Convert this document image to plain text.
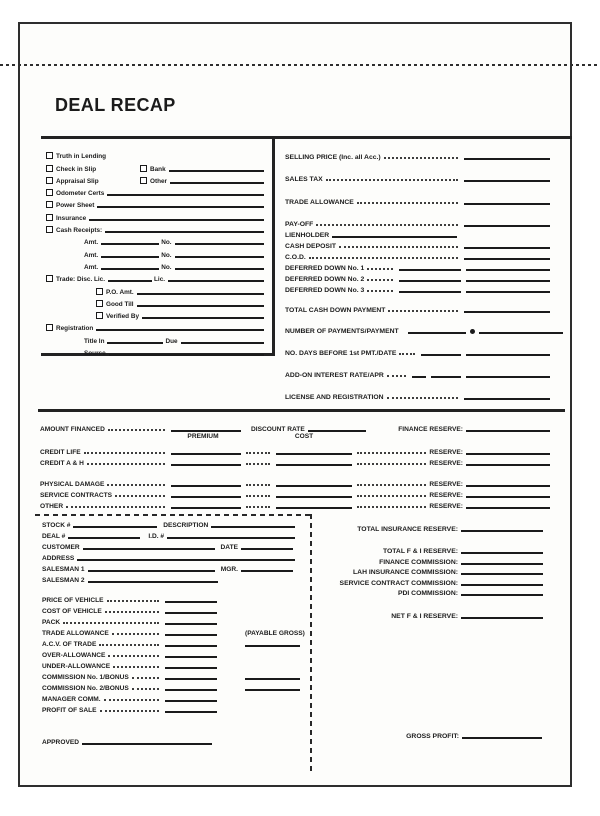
DEAL RECAP
Truth in Lending
Check in Slip	Bank
Appraisal Slip	Other
Odometer Certs
Power Sheet
Insurance
Cash Receipts:
Amt.	No.
Amt.	No.
Amt.	No.
Trade: Disc. Lic.	Lic.
P.O. Amt.
Good Till
Verified By
Registration
Title In	Due
Source
SELLING PRICE (Inc. all Acc.)
SALES TAX
TRADE ALLOWANCE
PAY-OFF
LIENHOLDER
CASH DEPOSIT
C.O.D.
DEFERRED DOWN No. 1
DEFERRED DOWN No. 2
DEFERRED DOWN No. 3
TOTAL CASH DOWN PAYMENT
NUMBER OF PAYMENTS/PAYMENT
NO. DAYS BEFORE 1st PMT./DATE
ADD-ON INTEREST RATE/APR
LICENSE AND REGISTRATION
AMOUNT FINANCED	DISCOUNT RATE	FINANCE RESERVE:
PREMIUM	COST
CREDIT LIFE	RESERVE:
CREDIT A & H	RESERVE:
PHYSICAL DAMAGE	RESERVE:
SERVICE CONTRACTS	RESERVE:
OTHER	RESERVE:
STOCK #	DESCRIPTION
DEAL #	I.D. #
CUSTOMER	DATE
ADDRESS
SALESMAN 1	MGR.
SALESMAN 2
PRICE OF VEHICLE
COST OF VEHICLE
PACK
TRADE ALLOWANCE	(PAYABLE GROSS)
A.C.V. OF TRADE
OVER-ALLOWANCE
UNDER-ALLOWANCE
COMMISSION No. 1/BONUS
COMMISSION No. 2/BONUS
MANAGER COMM.
PROFIT OF SALE
APPROVED
TOTAL INSURANCE RESERVE:
TOTAL F & I RESERVE:
FINANCE COMMISSION:
LAH INSURANCE COMMISSION:
SERVICE CONTRACT COMMISSION:
PDI COMMISSION:
NET F & I RESERVE:
GROSS PROFIT:
